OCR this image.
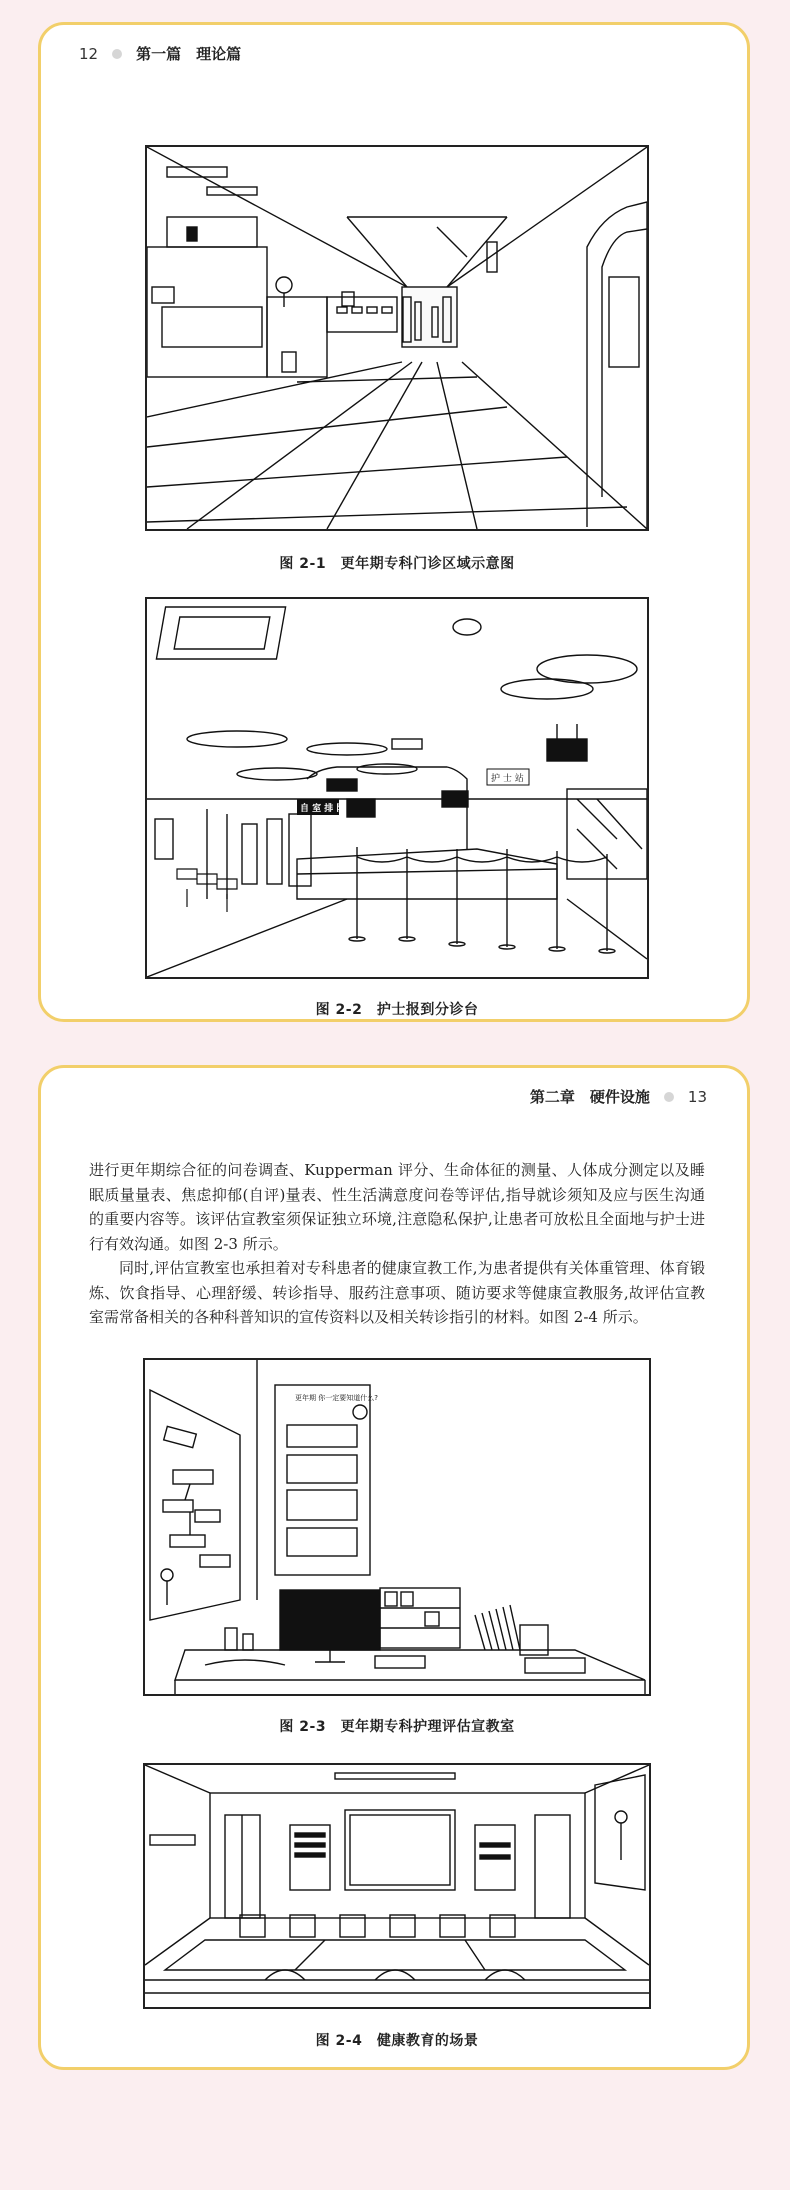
12	第一篇　理论篇
图 2-1　更年期专科门诊区域示意图
自 室 排 队
护 士 站
图 2-2　护士报到分诊台
第二章　硬件设施	13

进行更年期综合征的问卷调查、Kupperman 评分、生命体征的测量、人体成分测定以及睡眠质量量表、焦虑抑郁(自评)量表、性生活满意度问卷等评估,指导就诊须知及应与医生沟通的重要内容等。该评估宣教室须保证独立环境,注意隐私保护,让患者可放松且全面地与护士进行有效沟通。如图 2-3 所示。

同时,评估宣教室也承担着对专科患者的健康宣教工作,为患者提供有关体重管理、体育锻炼、饮食指导、心理舒缓、转诊指导、服药注意事项、随访要求等健康宣教服务,故评估宣教室需常备相关的各种科普知识的宣传资料以及相关转诊指引的材料。如图 2-4 所示。

更年期 你一定要知道什么?
图 2-3　更年期专科护理评估宣教室
图 2-4　健康教育的场景
